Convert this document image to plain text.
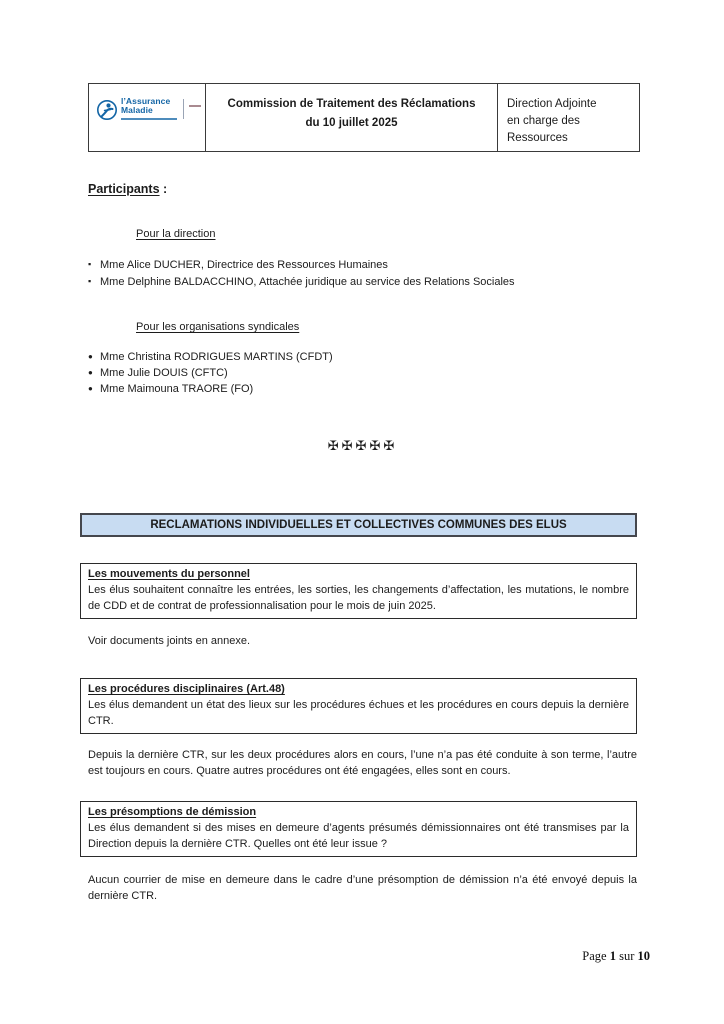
l’Assurance
Maladie	Commission de Traitement des Réclamations
du 10 juillet 2025
Direction Adjointe
en charge des Ressources
Participants :
Pour la direction
▪ Mme Alice DUCHER, Directrice des Ressources Humaines
▪ Mme Delphine BALDACCHINO, Attachée juridique au service des Relations Sociales
Pour les organisations syndicales
● Mme Christina RODRIGUES MARTINS (CFDT)
● Mme Julie DOUIS (CFTC)
● Mme Maimouna TRAORE (FO)
✠✠✠✠✠
RECLAMATIONS INDIVIDUELLES ET COLLECTIVES COMMUNES DES ELUS
Les mouvements du personnel
Les élus souhaitent connaître les entrées, les sorties, les changements d’affectation, les mutations, le nombre de CDD et de contrat de professionnalisation pour le mois de juin 2025.
Voir documents joints en annexe.
Les procédures disciplinaires (Art.48)
Les élus demandent un état des lieux sur les procédures échues et les procédures en cours depuis la dernière CTR.
Depuis la dernière CTR, sur les deux procédures alors en cours, l’une n’a pas été conduite à son terme, l’autre est toujours en cours. Quatre autres procédures ont été engagées, elles sont en cours.
Les présomptions de démission
Les élus demandent si des mises en demeure d’agents présumés démissionnaires ont été transmises par la Direction depuis la dernière CTR. Quelles ont été leur issue ?
Aucun courrier de mise en demeure dans le cadre d’une présomption de démission n’a été envoyé depuis la dernière CTR.
Page 1 sur 10
